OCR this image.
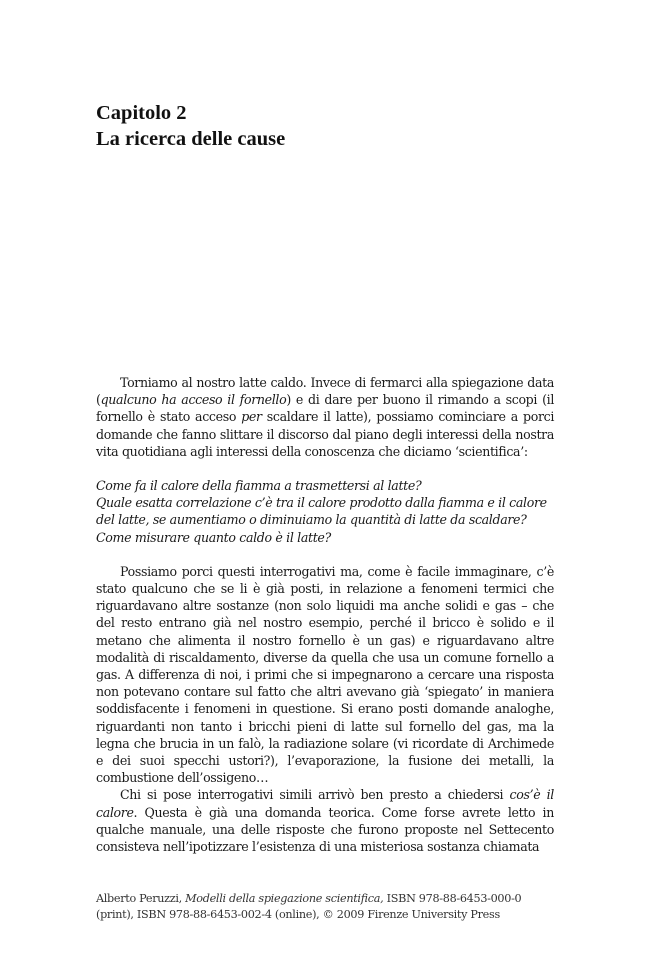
Capitolo 2
La ricerca delle cause

Torniamo al nostro latte caldo. Invece di fermarci alla spiegazione data (qualcuno ha acceso il fornello) e di dare per buono il rimando a scopi (il fornello è stato acceso per scaldare il latte), possiamo cominciare a porci domande che fanno slittare il discorso dal piano degli interessi della nostra vita quotidiana agli interessi della conoscenza che diciamo ‘scientifica’:

Come fa il calore della fiamma a trasmettersi al latte?

Quale esatta correlazione c’è tra il calore prodotto dalla fiamma e il calore del latte, se aumentiamo o diminuiamo la quantità di latte da scaldare?

Come misurare quanto caldo è il latte?

Possiamo porci questi interrogativi ma, come è facile immaginare, c’è stato qualcuno che se li è già posti, in relazione a fenomeni termici che riguardavano altre sostanze (non solo liquidi ma anche solidi e gas – che del resto entrano già nel nostro esempio, perché il bricco è solido e il metano che alimenta il nostro fornello è un gas) e riguardavano altre modalità di riscaldamento, diverse da quella che usa un comune fornello a gas. A differenza di noi, i primi che si impegnarono a cercare una risposta non potevano contare sul fatto che altri avevano già ‘spiegato’ in maniera soddisfacente i fenomeni in questione. Si erano posti domande analoghe, riguardanti non tanto i bricchi pieni di latte sul fornello del gas, ma la legna che brucia in un falò, la radiazione solare (vi ricordate di Archimede e dei suoi specchi ustori?), l’evaporazione, la fusione dei metalli, la combustione dell’ossigeno…

Chi si pose interrogativi simili arrivò ben presto a chiedersi cos’è il calore. Questa è già una domanda teorica. Come forse avrete letto in qualche manuale, una delle risposte che furono proposte nel Settecento consisteva nell’ipotizzare l’esistenza di una misteriosa sostanza chiamata

Alberto Peruzzi, Modelli della spiegazione scientifica, ISBN 978-88-6453-000-0
(print), ISBN 978-88-6453-002-4 (online), © 2009 Firenze University Press
